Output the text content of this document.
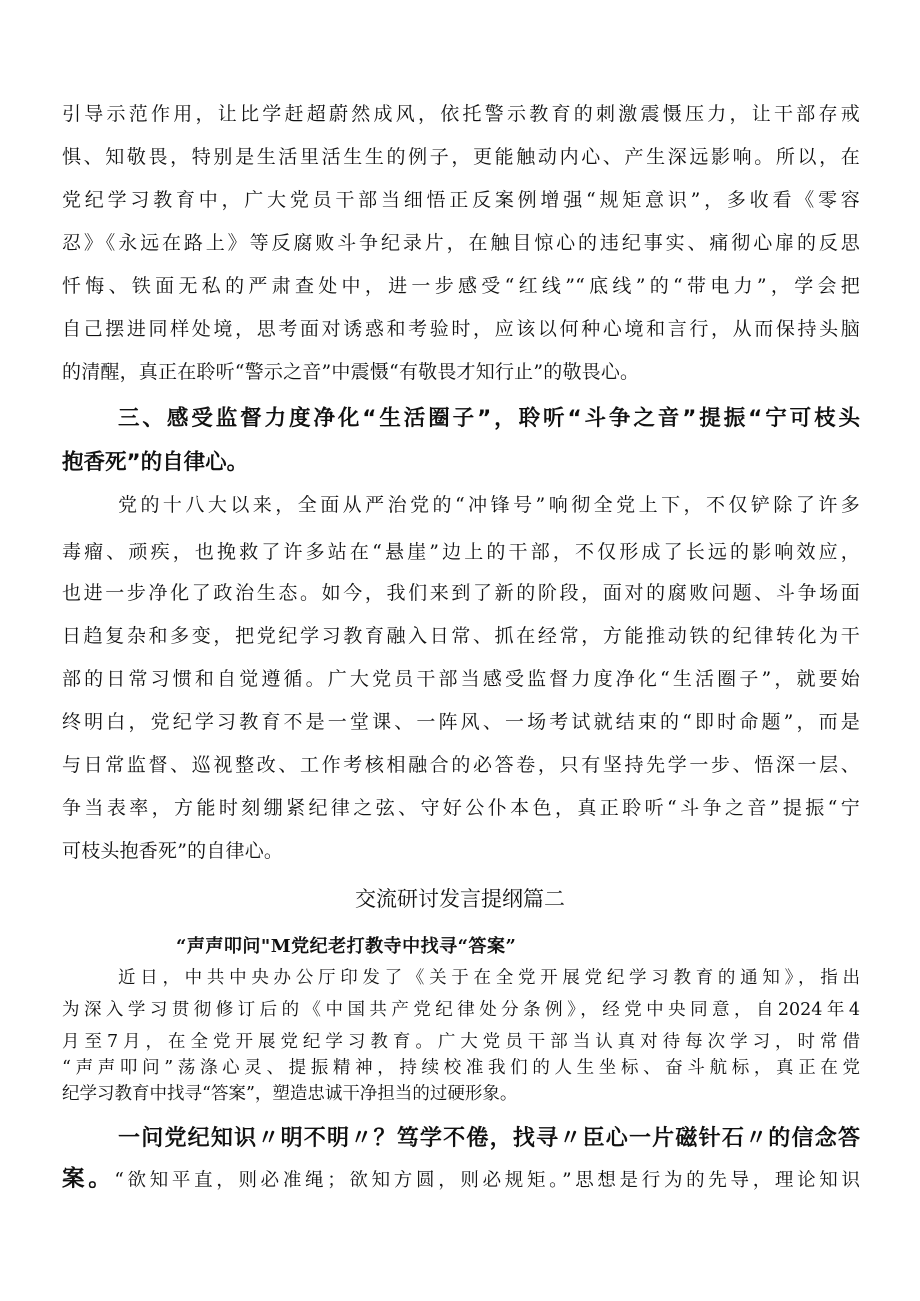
引导示范作用，让比学赶超蔚然成风，依托警示教育的刺激震慑压力，让干部存戒
惧、知敬畏，特别是生活里活生生的例子，更能触动内心、产生深远影响。所以，在
党纪学习教育中，广大党员干部当细悟正反案例增强“规矩意识”，多收看《零容
忍》《永远在路上》等反腐败斗争纪录片，在触目惊心的违纪事实、痛彻心扉的反思
忏悔、铁面无私的严肃查处中，进一步感受“红线”“底线”的“带电力”，学会把
自己摆进同样处境，思考面对诱惑和考验时，应该以何种心境和言行，从而保持头脑
的清醒，真正在聆听“警示之音”中震慑“有敬畏才知行止”的敬畏心。
三、感受监督力度净化“生活圈子”，聆听“斗争之音”提振“宁可枝头
抱香死”的自律心。
党的十八大以来，全面从严治党的“冲锋号”响彻全党上下，不仅铲除了许多
毒瘤、顽疾，也挽救了许多站在“悬崖”边上的干部，不仅形成了长远的影响效应，
也进一步净化了政治生态。如今，我们来到了新的阶段，面对的腐败问题、斗争场面
日趋复杂和多变，把党纪学习教育融入日常、抓在经常，方能推动铁的纪律转化为干
部的日常习惯和自觉遵循。广大党员干部当感受监督力度净化“生活圈子”，就要始
终明白，党纪学习教育不是一堂课、一阵风、一场考试就结束的“即时命题”，而是
与日常监督、巡视整改、工作考核相融合的必答卷，只有坚持先学一步、悟深一层、
争当表率，方能时刻绷紧纪律之弦、守好公仆本色，真正聆听“斗争之音”提振“宁
可枝头抱香死”的自律心。
交流研讨发言提纲篇二
“声声叩问"M党纪老打教寺中找寻“答案”
近日，中共中央办公厅印发了《关于在全党开展党纪学习教育的通知》，指出
为深入学习贯彻修订后的《中国共产党纪律处分条例》，经党中央同意，自2024年4
月至7月，在全党开展党纪学习教育。广大党员干部当认真对待每次学习，时常借
“声声叩问”荡涤心灵、提振精神，持续校准我们的人生坐标、奋斗航标，真正在党
纪学习教育中找寻“答案”，塑造忠诚干净担当的过硬形象。
一问党纪知识〃明不明〃？笃学不倦，找寻〃臣心一片磁针石〃的信念答
案。“欲知平直，则必准绳；欲知方圆，则必规矩。”思想是行为的先导，理论知识
